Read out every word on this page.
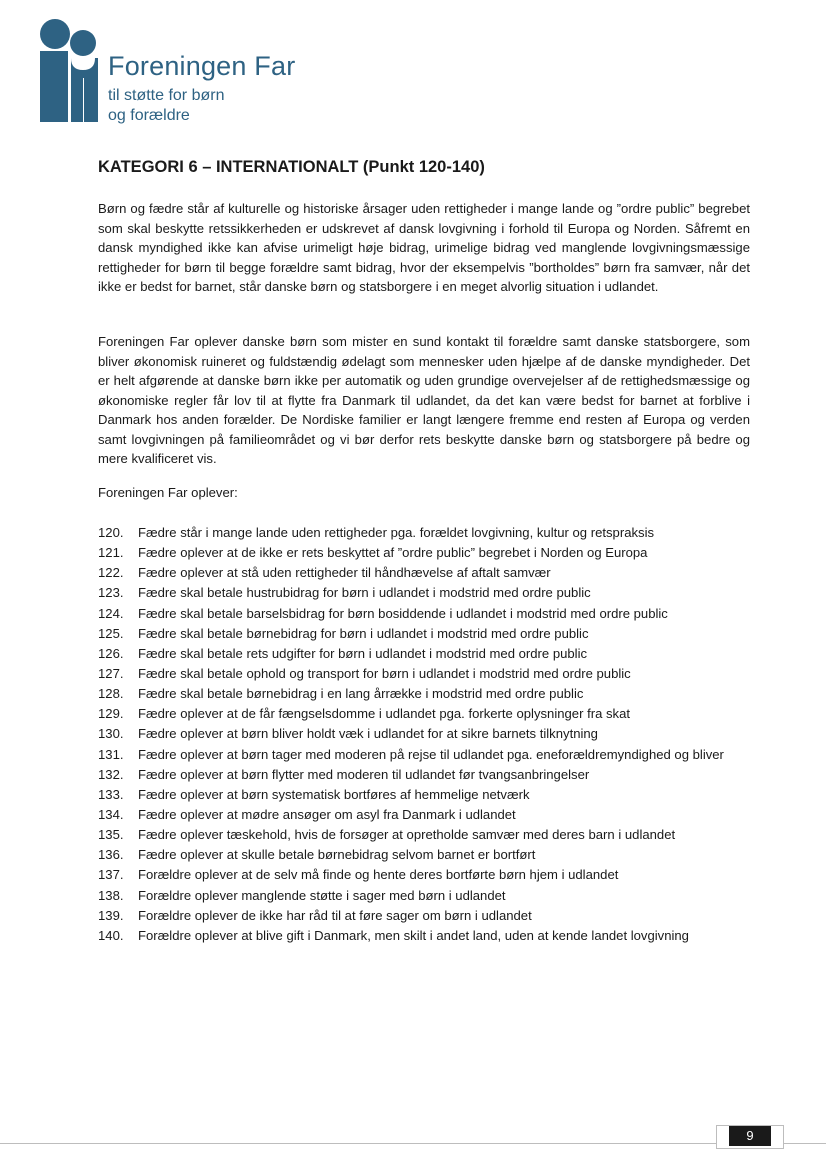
Foreningen Far
til støtte for børn
og forældre
KATEGORI 6 – INTERNATIONALT (Punkt 120-140)

Børn og fædre står af kulturelle og historiske årsager uden rettigheder i mange lande og ”ordre public” begrebet som skal beskytte retssikkerheden er udskrevet af dansk lovgivning i forhold til Europa og Norden. Såfremt en dansk myndighed ikke kan afvise urimeligt høje bidrag, urimelige bidrag ved manglende lovgivningsmæssige rettigheder for børn til begge forældre samt bidrag, hvor der eksempelvis ”bortholdes” børn fra samvær, når det ikke er bedst for barnet, står danske børn og statsborgere i en meget alvorlig situation i udlandet.

Foreningen Far oplever danske børn som mister en sund kontakt til forældre samt danske statsborgere, som bliver økonomisk ruineret og fuldstændig ødelagt som mennesker uden hjælpe af de danske myndigheder. Det er helt afgørende at danske børn ikke per automatik og uden grundige overvejelser af de rettighedsmæssige og økonomiske regler får lov til at flytte fra Danmark til udlandet, da det kan være bedst for barnet at forblive i Danmark hos anden forælder. De Nordiske familier er langt længere fremme end resten af Europa og verden samt lovgivningen på familieområdet og vi bør derfor rets beskytte danske børn og statsborgere på bedre og mere kvalificeret vis.

Foreningen Far oplever:

120. Fædre står i mange lande uden rettigheder pga. forældet lovgivning, kultur og retspraksis
121. Fædre oplever at de ikke er rets beskyttet af ”ordre public” begrebet i Norden og Europa
122. Fædre oplever at stå uden rettigheder til håndhævelse af aftalt samvær
123. Fædre skal betale hustrubidrag for børn i udlandet i modstrid med ordre public
124. Fædre skal betale barselsbidrag for børn bosiddende i udlandet i modstrid med ordre public
125. Fædre skal betale børnebidrag for børn i udlandet i modstrid med ordre public
126. Fædre skal betale rets udgifter for børn i udlandet i modstrid med ordre public
127. Fædre skal betale ophold og transport for børn i udlandet i modstrid med ordre public
128. Fædre skal betale børnebidrag i en lang årrække i modstrid med ordre public
129. Fædre oplever at de får fængselsdomme i udlandet pga. forkerte oplysninger fra skat
130. Fædre oplever at børn bliver holdt væk i udlandet for at sikre barnets tilknytning
131. Fædre oplever at børn tager med moderen på rejse til udlandet pga. eneforældremyndighed og bliver
132. Fædre oplever at børn flytter med moderen til udlandet før tvangsanbringelser
133. Fædre oplever at børn systematisk bortføres af hemmelige netværk
134. Fædre oplever at mødre ansøger om asyl fra Danmark i udlandet
135. Fædre oplever tæskehold, hvis de forsøger at opretholde samvær med deres barn i udlandet
136. Fædre oplever at skulle betale børnebidrag selvom barnet er bortført
137. Forældre oplever at de selv må finde og hente deres bortførte børn hjem i udlandet
138. Forældre oplever manglende støtte i sager med børn i udlandet
139. Forældre oplever de ikke har råd til at føre sager om børn i udlandet
140. Forældre oplever at blive gift i Danmark, men skilt i andet land, uden at kende landet lovgivning
9
